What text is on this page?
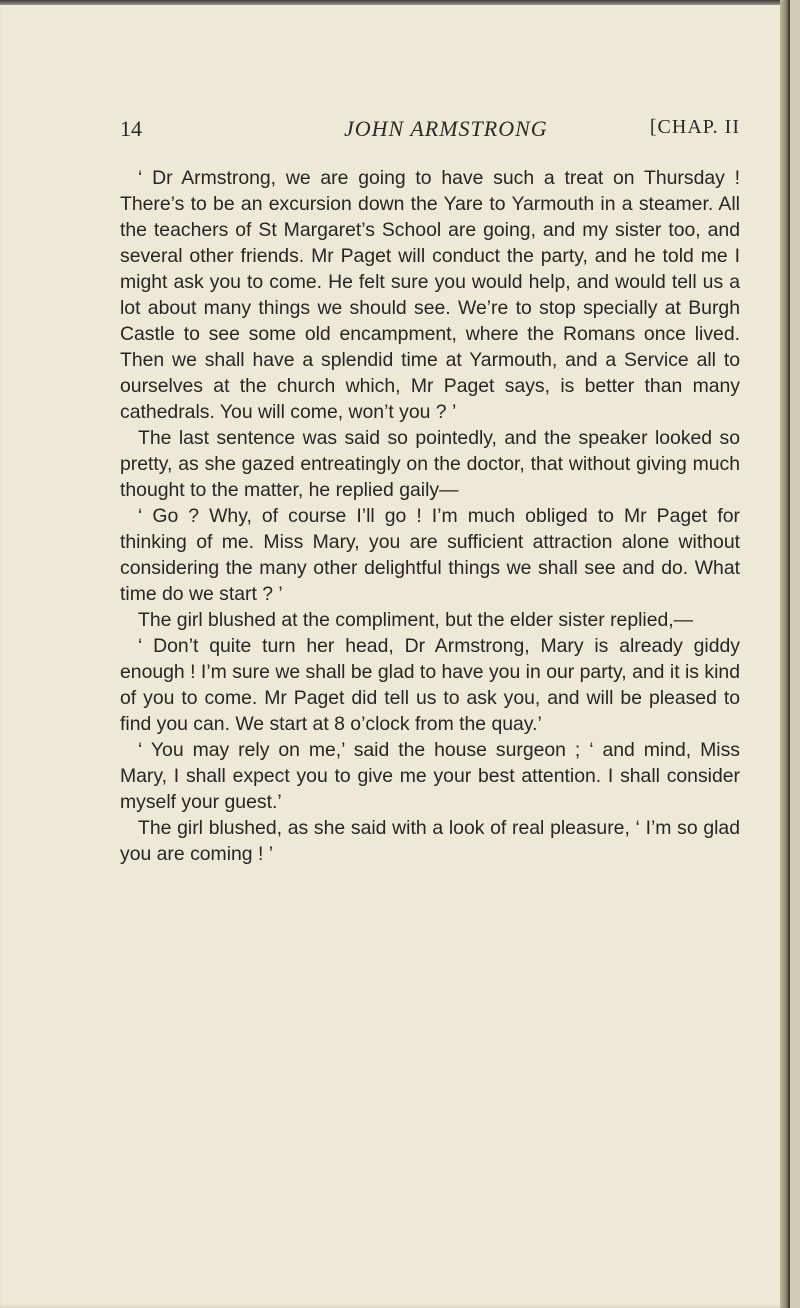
14	JOHN ARMSTRONG	[CHAP. II

‘ Dr Armstrong, we are going to have such a treat on Thursday ! There’s to be an excursion down the Yare to Yarmouth in a steamer. All the teachers of St Margaret’s School are going, and my sister too, and several other friends. Mr Paget will conduct the party, and he told me I might ask you to come. He felt sure you would help, and would tell us a lot about many things we should see. We’re to stop specially at Burgh Castle to see some old encampment, where the Romans once lived. Then we shall have a splendid time at Yarmouth, and a Service all to ourselves at the church which, Mr Paget says, is better than many cathedrals. You will come, won’t you ? ’

The last sentence was said so pointedly, and the speaker looked so pretty, as she gazed entreatingly on the doctor, that without giving much thought to the matter, he replied gaily—

‘ Go ? Why, of course I’ll go ! I’m much obliged to Mr Paget for thinking of me. Miss Mary, you are sufficient attraction alone without considering the many other delightful things we shall see and do. What time do we start ? ’

The girl blushed at the compliment, but the elder sister replied,—

‘ Don’t quite turn her head, Dr Armstrong, Mary is already giddy enough ! I’m sure we shall be glad to have you in our party, and it is kind of you to come. Mr Paget did tell us to ask you, and will be pleased to find you can. We start at 8 o’clock from the quay.’

‘ You may rely on me,’ said the house surgeon ; ‘ and mind, Miss Mary, I shall expect you to give me your best attention. I shall consider myself your guest.’

The girl blushed, as she said with a look of real pleasure, ‘ I’m so glad you are coming ! ’
